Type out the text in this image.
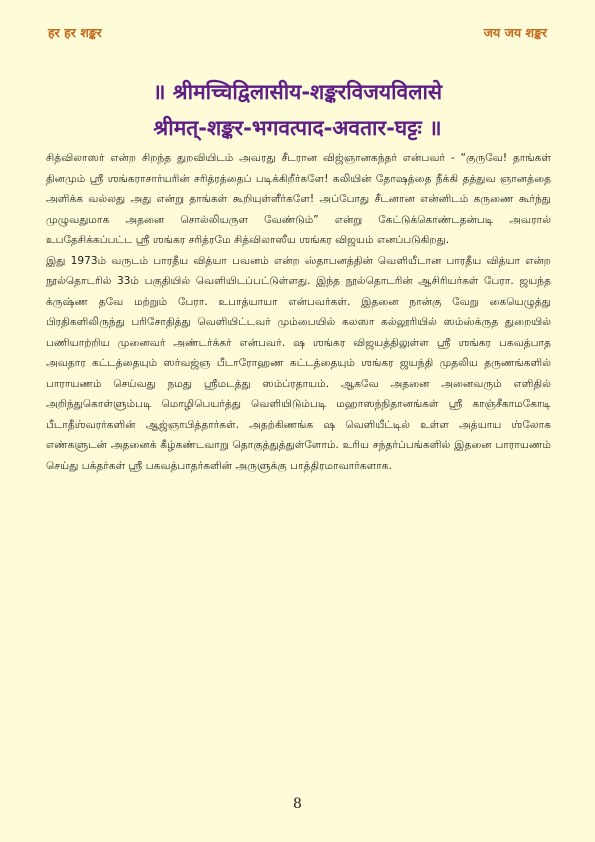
हर हर शङ्कर	जय जय शङ्कर
॥ श्रीमच्चिद्विलासीय-शङ्करविजयविलासे
श्रीमत्-शङ्कर-भगवत्पाद-अवतार-घट्टः ॥

சித்விலாஸர் என்ற சிறந்த துறவியிடம் அவரது சீடரான விஜ்ஞானகந்தர் என்பவர் - “குருவே! தாங்கள் தினமும் ஸ்ரீ ஶங்கராசார்யரின் சரித்ரத்தைப் படிக்கிறீர்களே! கலியின் தோஷத்தை நீக்கி தத்துவ ஞானத்தை அளிக்க வல்லது அது என்று தாங்கள் கூறியுள்ளீர்களே! அப்போது சீடனான என்னிடம் கருணை கூர்ந்து முழுவதுமாக அதனை சொல்லியருள வேண்டும்” என்று கேட்டுக்கொண்டதன்படி அவரால் உபதேசிக்கப்பட்ட ஸ்ரீ ஶங்கர சரித்ரமே சித்விலாஸீய ஶங்கர விஜயம் எனப்படுகிறது.

இது 1973ம் வருடம் பாரதீய வித்யா பவனம் என்ற ஸ்தாபனத்தின் வெளியீடான பாரதீய வித்யா என்ற நூல்தொடரில் 33ம் பகுதியில் வெளியிடப்பட்டுள்ளது. இந்த நூல்தொடரின் ஆசிரியர்கள் பேரா. ஜயந்த க்ருஷ்ண தவே மற்றும் பேரா. உபாத்யாயா என்பவர்கள். இதனை நான்கு வேறு கையெழுத்து பிரதிகளிலிருந்து பரிசோதித்து வெளியிட்டவர் மும்பையில் கலஸா கல்லூரியில் ஸம்ஸ்க்ருத துறையில் பணியாற்றிய முனைவர் அண்டர்க்கர் என்பவர். ஷ ஶங்கர விஜயத்திலுள்ள ஸ்ரீ ஶங்கர பகவத்பாத அவதார கட்டத்தையும் ஸர்வஜ்ஞ பீடாரோஹண கட்டத்தையும் ஶங்கர ஜயந்தி முதலிய தருணங்களில் பாராயணம் செய்வது நமது ஸ்ரீமடத்து ஸம்ப்ரதாயம். ஆகவே அதனை அனைவரும் எளிதில் அறிந்துகொள்ளும்படி மொழிபெயர்த்து வெளியிடும்படி மஹாஸந்நிதானங்கள் ஸ்ரீ காஞ்சீகாமகோடி பீடாதீஶ்வரர்களின் ஆஜ்ஞாபித்தார்கள். அதற்கிணங்க ஷ வெளியீட்டில் உள்ள அத்யாய ஶ்லோக எண்களுடன் அதனைக் கீழ்கண்டவாறு தொகுத்துத்துள்ளோம். உரிய சந்தர்ப்பங்களில் இதனை பாராயணம் செய்து பக்தர்கள் ஸ்ரீ பகவத்பாதர்களின் அருளுக்கு பாத்திரமாவார்களாக.

8
